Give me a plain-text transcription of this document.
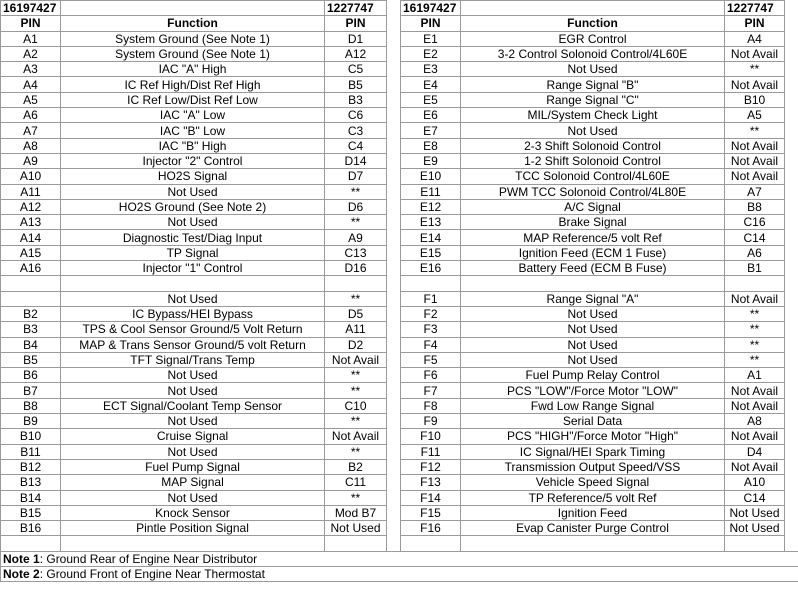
16197427		1227747		16197427		1227747	
PIN	Function	PIN		PIN	Function	PIN	
A1	System Ground (See Note 1)	D1		E1	EGR Control	A4	
A2	System Ground (See Note 1)	A12		E2	3-2 Control Solonoid Control/4L60E	Not Avail	
A3	IAC "A" High	C5		E3	Not Used	**	
A4	IC Ref High/Dist Ref High	B5		E4	Range Signal "B"	Not Avail	
A5	IC Ref Low/Dist Ref Low	B3		E5	Range Signal "C"	B10	
A6	IAC "A" Low	C6		E6	MIL/System Check Light	A5	
A7	IAC "B" Low	C3		E7	Not Used	**	
A8	IAC "B" High	C4		E8	2-3 Shift Solonoid Control	Not Avail	
A9	Injector "2" Control	D14		E9	1-2 Shift Solonoid Control	Not Avail	
A10	HO2S Signal	D7		E10	TCC Solonoid Control/4L60E	Not Avail	
A11	Not Used	**		E11	PWM TCC Solonoid Control/4L80E	A7	
A12	HO2S Ground (See Note 2)	D6		E12	A/C Signal	B8	
A13	Not Used	**		E13	Brake Signal	C16	
A14	Diagnostic Test/Diag Input	A9		E14	MAP Reference/5 volt Ref	C14	
A15	TP Signal	C13		E15	Ignition Feed (ECM 1 Fuse)	A6	
A16	Injector "1" Control	D16		E16	Battery Feed (ECM B Fuse)	B1	

	Not Used	**		F1	Range Signal "A"	Not Avail	
B2	IC Bypass/HEI Bypass	D5		F2	Not Used	**	
B3	TPS & Cool Sensor Ground/5 Volt Return	A11		F3	Not Used	**	
B4	MAP & Trans Sensor Ground/5 volt Return	D2		F4	Not Used	**	
B5	TFT Signal/Trans Temp	Not Avail		F5	Not Used	**	
B6	Not Used	**		F6	Fuel Pump Relay Control	A1	
B7	Not Used	**		F7	PCS "LOW"/Force Motor "LOW"	Not Avail	
B8	ECT Signal/Coolant Temp Sensor	C10		F8	Fwd Low Range Signal	Not Avail	
B9	Not Used	**		F9	Serial Data	A8	
B10	Cruise Signal	Not Avail		F10	PCS "HIGH"/Force Motor "High"	Not Avail	
B11	Not Used	**		F11	IC Signal/HEI Spark Timing	D4	
B12	Fuel Pump Signal	B2		F12	Transmission Output Speed/VSS	Not Avail	
B13	MAP Signal	C11		F13	Vehicle Speed Signal	A10	
B14	Not Used	**		F14	TP Reference/5 volt Ref	C14	
B15	Knock Sensor	Mod B7		F15	Ignition Feed	Not Used	
B16	Pintle Position Signal	Not Used		F16	Evap Canister Purge Control	Not Used	

Note 1: Ground Rear of Engine Near Distributor							
Note 2: Ground Front of Engine Near Thermostat							
